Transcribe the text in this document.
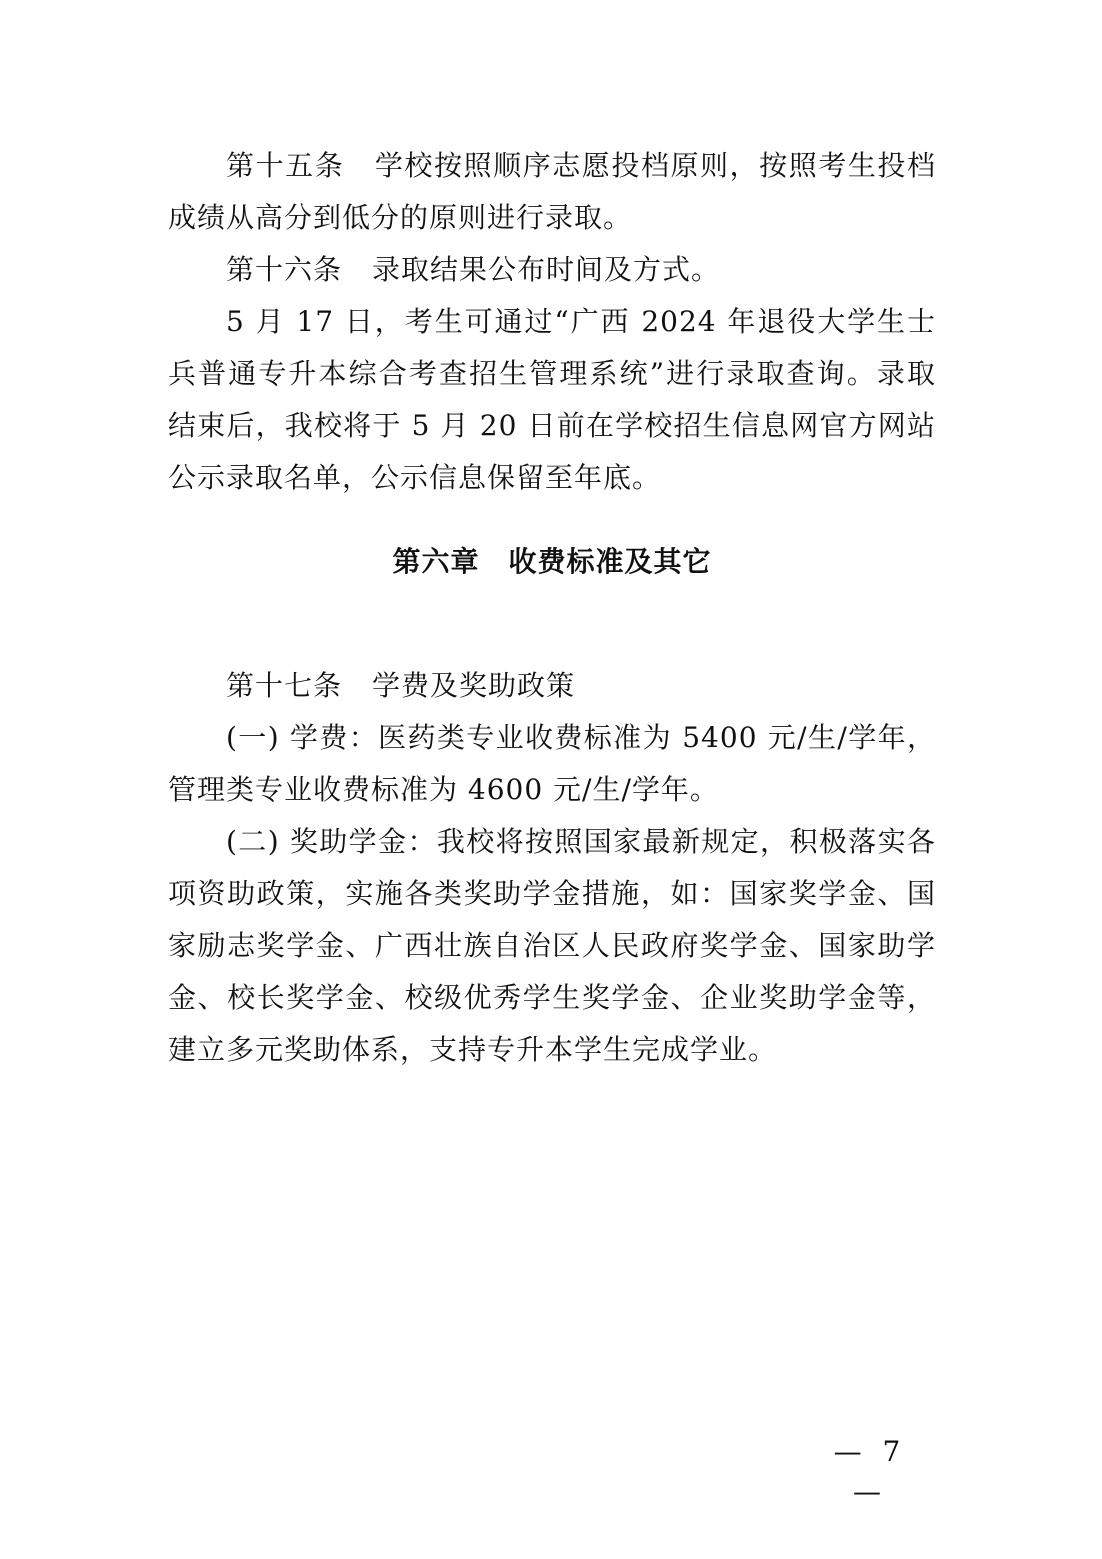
第十五条 学校按照顺序志愿投档原则，按照考生投档成绩从高分到低分的原则进行录取。

第十六条 录取结果公布时间及方式。

5 月 17 日，考生可通过“广西 2024 年退役大学生士兵普通专升本综合考查招生管理系统”进行录取查询。录取结束后，我校将于 5 月 20 日前在学校招生信息网官方网站公示录取名单，公示信息保留至年底。

第六章　收费标准及其它

第十七条 学费及奖助政策

(一) 学费：医药类专业收费标准为 5400 元/生/学年，管理类专业收费标准为 4600 元/生/学年。

(二) 奖助学金：我校将按照国家最新规定，积极落实各项资助政策，实施各类奖助学金措施，如：国家奖学金、国家励志奖学金、广西壮族自治区人民政府奖学金、国家助学金、校长奖学金、校级优秀学生奖学金、企业奖助学金等，建立多元奖助体系，支持专升本学生完成学业。

— 7 —
